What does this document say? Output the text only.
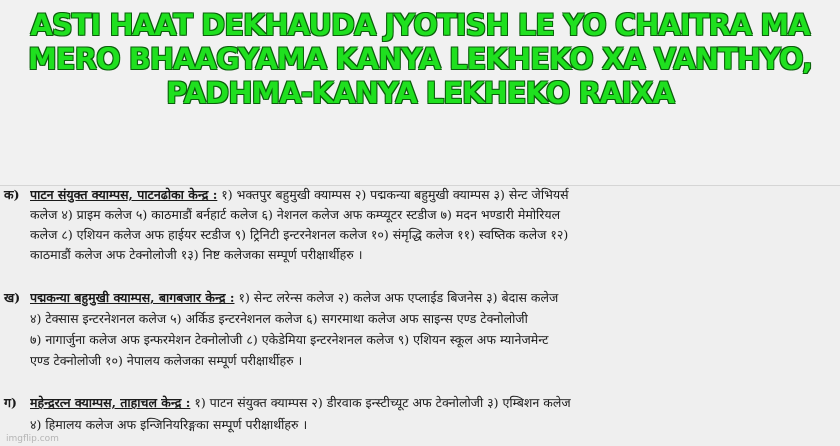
ASTI HAAT DEKHAUDA JYOTISH LE YO CHAITRA MA MERO BHAAGYAMA KANYA LEKHEKO XA VANTHYO, PADHMA-KANYA LEKHEKO RAIXA

क) पाटन संयुक्त क्याम्पस, पाटनढोका केन्द्र : १) भक्तपुर बहुमुखी क्याम्पस २) पद्मकन्या बहुमुखी क्याम्पस ३) सेन्ट जेभियर्स
कलेज ४) प्राइम कलेज ५) काठमाडौं बर्नहार्ट कलेज ६) नेशनल कलेज अफ कम्प्यूटर स्टडीज ७) मदन भण्डारी मेमोरियल
कलेज ८) एशियन कलेज अफ हाईयर स्टडीज ९) ट्रिनिटी इन्टरनेशनल कलेज १०) संमृद्धि कलेज ११) स्वष्तिक कलेज १२)
काठमाडौं कलेज अफ टेक्नोलोजी १३) निष्ट कलेजका सम्पूर्ण परीक्षार्थीहरु ।
ख) पद्मकन्या बहुमुखी क्याम्पस, बागबजार केन्द्र : १) सेन्ट लरेन्स कलेज २) कलेज अफ एप्लाईड बिजनेस ३) बेदास कलेज
४) टेक्सास इन्टरनेशनल कलेज ५) अर्किड इन्टरनेशनल कलेज ६) सगरमाथा कलेज अफ साइन्स एण्ड टेक्नोलोजी
७) नागार्जुना कलेज अफ इन्फरमेशन टेक्नोलोजी ८) एकेडेमिया इन्टरनेशनल कलेज ९) एशियन स्कूल अफ म्यानेजमेन्ट
एण्ड टेक्नोलोजी १०) नेपालय कलेजका सम्पूर्ण परीक्षार्थीहरु ।
ग) महेन्द्ररत्न क्याम्पस, ताहाचल केन्द्र : १) पाटन संयुक्त क्याम्पस २) डीरवाक इन्स्टीच्यूट अफ टेक्नोलोजी ३) एम्बिशन कलेज
४) हिमालय कलेज अफ इन्जिनियरिङ्गका सम्पूर्ण परीक्षार्थीहरु ।
imgflip.com
